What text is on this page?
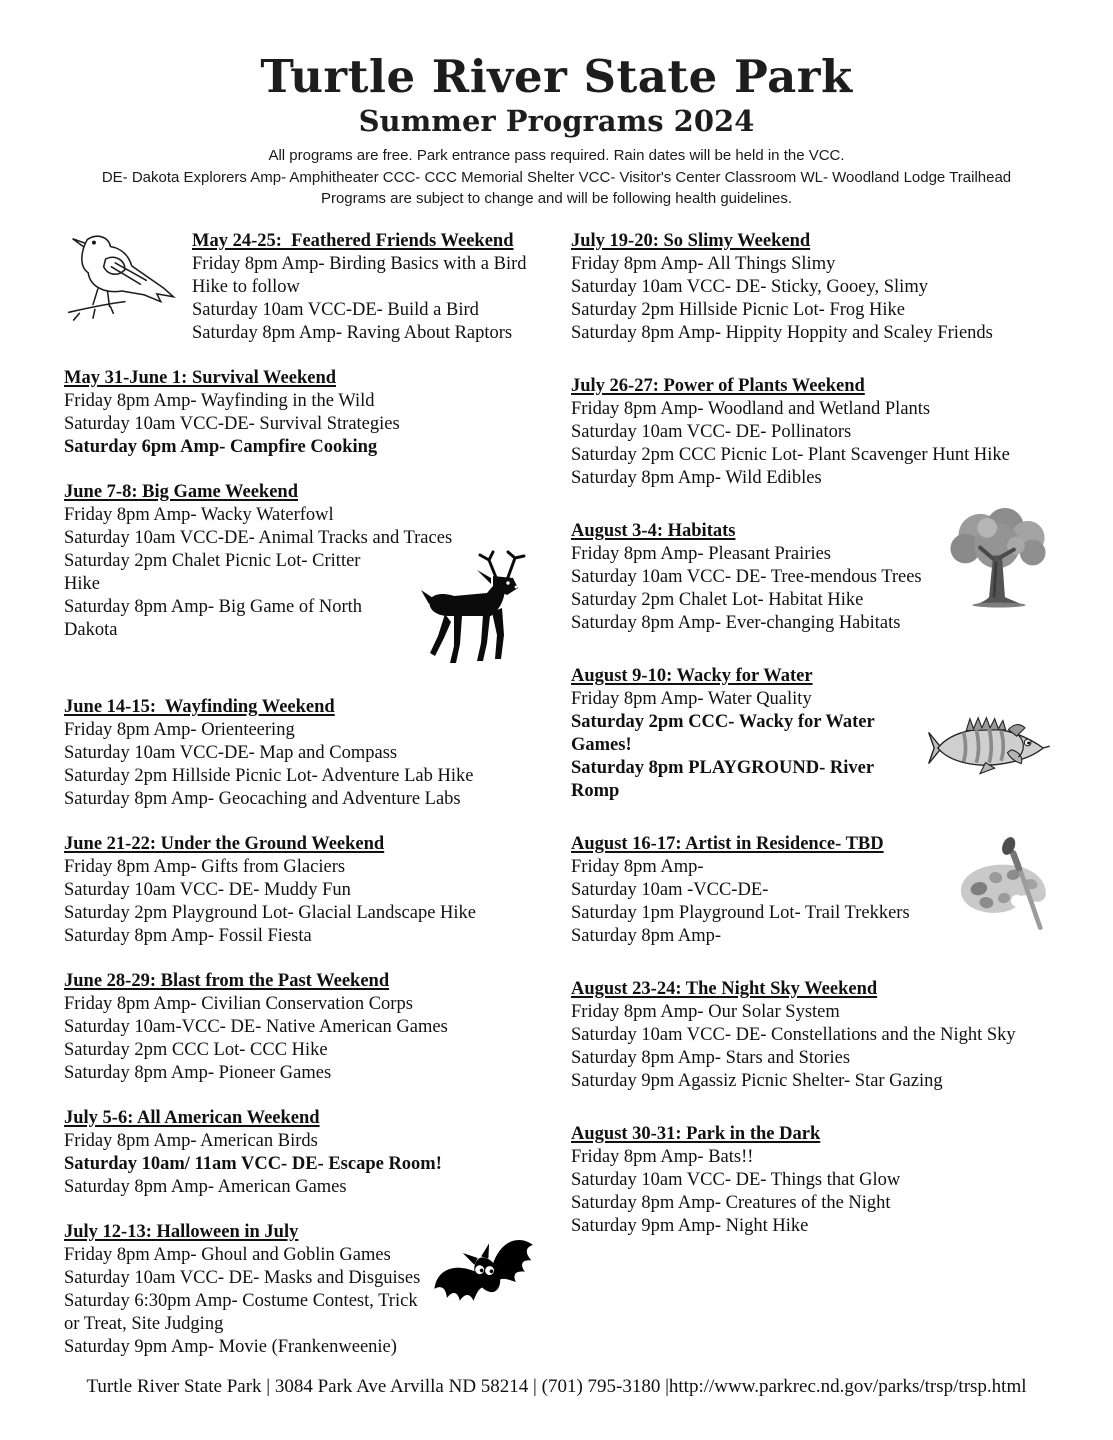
Turtle River State Park
Summer Programs 2024
All programs are free. Park entrance pass required. Rain dates will be held in the VCC.
DE- Dakota Explorers Amp- Amphitheater CCC- CCC Memorial Shelter VCC- Visitor's Center Classroom WL- Woodland Lodge Trailhead
Programs are subject to change and will be following health guidelines.
May 24-25:  Feathered Friends Weekend
Friday 8pm Amp- Birding Basics with a Bird Hike to follow
Saturday 10am VCC-DE- Build a Bird
Saturday 8pm Amp- Raving About Raptors
May 31-June 1: Survival Weekend
Friday 8pm Amp- Wayfinding in the Wild
Saturday 10am VCC-DE- Survival Strategies
Saturday 6pm Amp- Campfire Cooking
June 7-8: Big Game Weekend
Friday 8pm Amp- Wacky Waterfowl
Saturday 10am VCC-DE- Animal Tracks and Traces
Saturday 2pm Chalet Picnic Lot- Critter Hike
Saturday 8pm Amp- Big Game of North Dakota
June 14-15:  Wayfinding Weekend
Friday 8pm Amp- Orienteering
Saturday 10am VCC-DE- Map and Compass
Saturday 2pm Hillside Picnic Lot- Adventure Lab Hike
Saturday 8pm Amp- Geocaching and Adventure Labs
June 21-22: Under the Ground Weekend
Friday 8pm Amp- Gifts from Glaciers
Saturday 10am VCC- DE- Muddy Fun
Saturday 2pm Playground Lot- Glacial Landscape Hike
Saturday 8pm Amp- Fossil Fiesta
June 28-29: Blast from the Past Weekend
Friday 8pm Amp- Civilian Conservation Corps
Saturday 10am-VCC- DE- Native American Games
Saturday 2pm CCC Lot- CCC Hike
Saturday 8pm Amp- Pioneer Games
July 5-6: All American Weekend
Friday 8pm Amp- American Birds
Saturday 10am/ 11am VCC- DE- Escape Room!
Saturday 8pm Amp- American Games
July 12-13: Halloween in July
Friday 8pm Amp- Ghoul and Goblin Games
Saturday 10am VCC- DE- Masks and Disguises
Saturday 6:30pm Amp- Costume Contest, Trick or Treat, Site Judging
Saturday 9pm Amp- Movie (Frankenweenie)
July 19-20: So Slimy Weekend
Friday 8pm Amp- All Things Slimy
Saturday 10am VCC- DE- Sticky, Gooey, Slimy
Saturday 2pm Hillside Picnic Lot- Frog Hike
Saturday 8pm Amp- Hippity Hoppity and Scaley Friends
July 26-27: Power of Plants Weekend
Friday 8pm Amp- Woodland and Wetland Plants
Saturday 10am VCC- DE- Pollinators
Saturday 2pm CCC Picnic Lot- Plant Scavenger Hunt Hike
Saturday 8pm Amp- Wild Edibles
August 3-4: Habitats
Friday 8pm Amp- Pleasant Prairies
Saturday 10am VCC- DE- Tree-mendous Trees
Saturday 2pm Chalet Lot- Habitat Hike
Saturday 8pm Amp- Ever-changing Habitats
August 9-10: Wacky for Water
Friday 8pm Amp- Water Quality
Saturday 2pm CCC- Wacky for Water Games!
Saturday 8pm PLAYGROUND- River Romp
August 16-17: Artist in Residence- TBD
Friday 8pm Amp-
Saturday 10am -VCC-DE-
Saturday 1pm Playground Lot- Trail Trekkers
Saturday 8pm Amp-
August 23-24: The Night Sky Weekend
Friday 8pm Amp- Our Solar System
Saturday 10am VCC- DE- Constellations and the Night Sky
Saturday 8pm Amp- Stars and Stories
Saturday 9pm Agassiz Picnic Shelter- Star Gazing
August 30-31: Park in the Dark
Friday 8pm Amp- Bats!!
Saturday 10am VCC- DE- Things that Glow
Saturday 8pm Amp- Creatures of the Night
Saturday 9pm Amp- Night Hike
Turtle River State Park | 3084 Park Ave Arvilla ND 58214 | (701) 795-3180 |http://www.parkrec.nd.gov/parks/trsp/trsp.html
